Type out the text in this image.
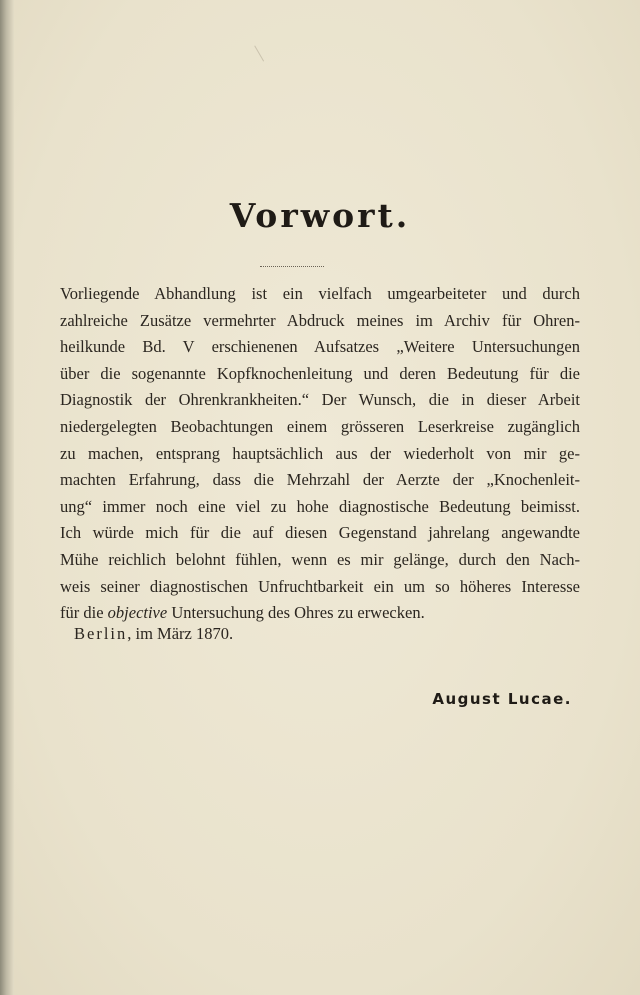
Vorwort.
Vorliegende Abhandlung ist ein vielfach umgearbeiteter und durch
zahlreiche Zusätze vermehrter Abdruck meines im Archiv für Ohren-
heilkunde Bd. V erschienenen Aufsatzes „Weitere Untersuchungen
über die sogenannte Kopfknochenleitung und deren Bedeutung für die
Diagnostik der Ohrenkrankheiten.“ Der Wunsch, die in dieser Arbeit
niedergelegten Beobachtungen einem grösseren Leserkreise zugänglich
zu machen, entsprang hauptsächlich aus der wiederholt von mir ge-
machten Erfahrung, dass die Mehrzahl der Aerzte der „Knochenleit-
ung“ immer noch eine viel zu hohe diagnostische Bedeutung beimisst.
Ich würde mich für die auf diesen Gegenstand jahrelang angewandte
Mühe reichlich belohnt fühlen, wenn es mir gelänge, durch den Nach-
weis seiner diagnostischen Unfruchtbarkeit ein um so höheres Interesse
für die objective Untersuchung des Ohres zu erwecken.
Berlin, im März 1870.
August Lucae.
